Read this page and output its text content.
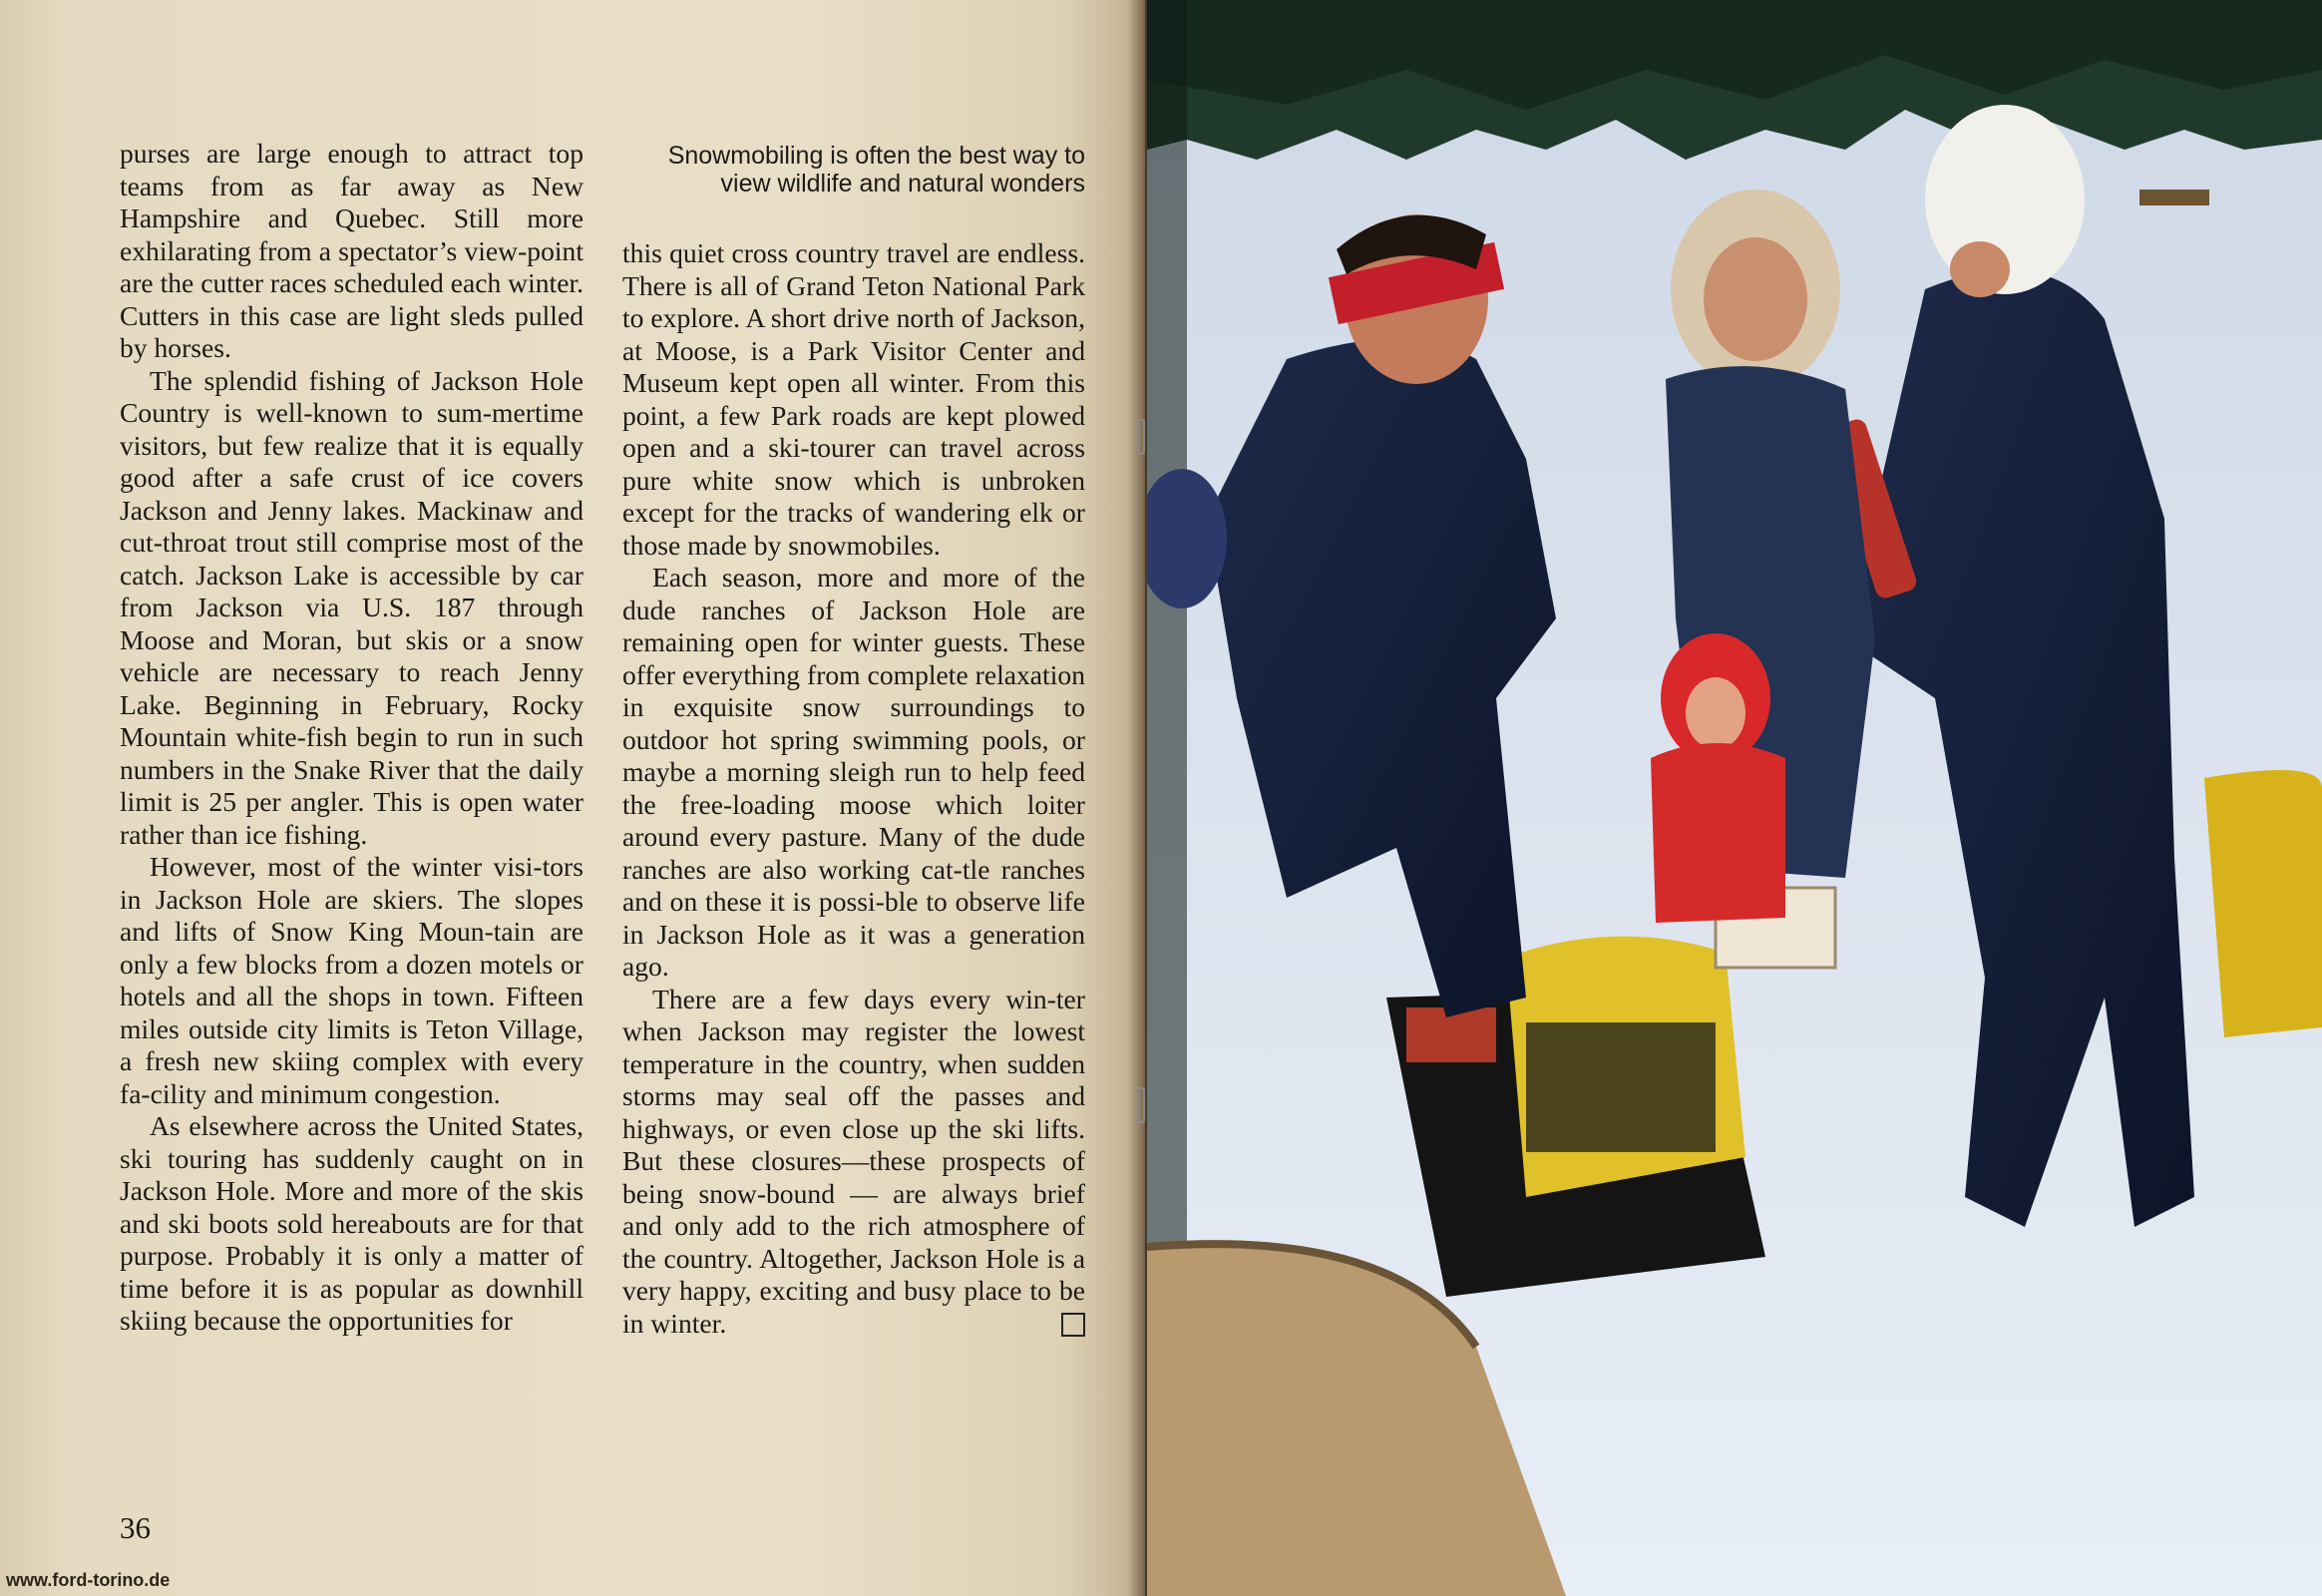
Snowmobiling is often the best way to view wildlife and natural wonders

purses are large enough to attract top teams from as far away as New Hampshire and Quebec. Still more exhilarating from a spectator’s view-point are the cutter races scheduled each winter. Cutters in this case are light sleds pulled by horses.

The splendid fishing of Jackson Hole Country is well-known to sum-mertime visitors, but few realize that it is equally good after a safe crust of ice covers Jackson and Jenny lakes. Mackinaw and cut-throat trout still comprise most of the catch. Jackson Lake is accessible by car from Jackson via U.S. 187 through Moose and Moran, but skis or a snow vehicle are necessary to reach Jenny Lake. Beginning in February, Rocky Mountain white-fish begin to run in such numbers in the Snake River that the daily limit is 25 per angler. This is open water rather than ice fishing.

However, most of the winter visi-tors in Jackson Hole are skiers. The slopes and lifts of Snow King Moun-tain are only a few blocks from a dozen motels or hotels and all the shops in town. Fifteen miles outside city limits is Teton Village, a fresh new skiing complex with every fa-cility and minimum congestion.

As elsewhere across the United States, ski touring has suddenly caught on in Jackson Hole. More and more of the skis and ski boots sold hereabouts are for that purpose. Probably it is only a matter of time before it is as popular as downhill skiing because the opportunities for

this quiet cross country travel are endless. There is all of Grand Teton National Park to explore. A short drive north of Jackson, at Moose, is a Park Visitor Center and Museum kept open all winter. From this point, a few Park roads are kept plowed open and a ski-tourer can travel across pure white snow which is unbroken except for the tracks of wandering elk or those made by snowmobiles.

Each season, more and more of the dude ranches of Jackson Hole are remaining open for winter guests. These offer everything from complete relaxation in exquisite snow surroundings to outdoor hot spring swimming pools, or maybe a morning sleigh run to help feed the free-loading moose which loiter around every pasture. Many of the dude ranches are also working cat-tle ranches and on these it is possi-ble to observe life in Jackson Hole as it was a generation ago.

There are a few days every win-ter when Jackson may register the lowest temperature in the country, when sudden storms may seal off the passes and highways, or even close up the ski lifts. But these closures—these prospects of being snow-bound — are always brief and only add to the rich atmosphere of the country. Altogether, Jackson Hole is a very happy, exciting and busy place to be in winter.

36
www.ford-torino.de
